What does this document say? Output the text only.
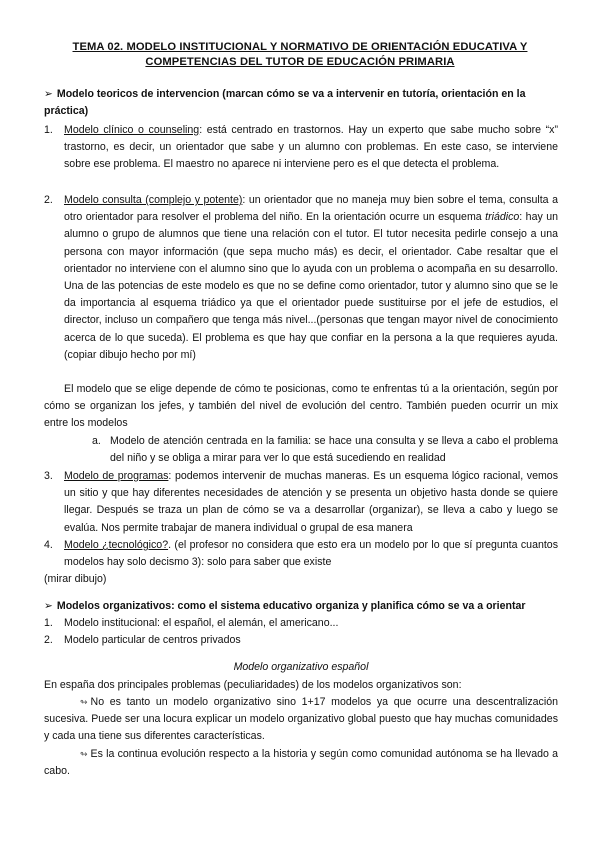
TEMA 02. MODELO INSTITUCIONAL Y NORMATIVO DE ORIENTACIÓN EDUCATIVA Y
COMPETENCIAS DEL TUTOR DE EDUCACIÓN PRIMARIA
➢ Modelo teoricos de intervencion (marcan cómo se va a intervenir en tutoría, orientación en la práctica)
1. Modelo clínico o counseling: está centrado en trastornos. Hay un experto que sabe mucho sobre “x” trastorno, es decir, un orientador que sabe y un alumno con problemas. En este caso, se interviene sobre ese problema. El maestro no aparece ni interviene pero es el que detecta el problema.
2. Modelo consulta (complejo y potente): un orientador que no maneja muy bien sobre el tema, consulta a otro orientador para resolver el problema del niño. En la orientación ocurre un esquema triádico: hay un alumno o grupo de alumnos que tiene una relación con el tutor. El tutor necesita pedirle consejo a una persona con mayor información (que sepa mucho más) es decir, el orientador. Cabe resaltar que el orientador no interviene con el alumno sino que lo ayuda con un problema o acompaña en su desarrollo. Una de las potencias de este modelo es que no se define como orientador, tutor y alumno sino que se le da importancia al esquema triádico ya que el orientador puede sustituirse por el jefe de estudios, el director, incluso un compañero que tenga más nivel...(personas que tengan mayor nivel de conocimiento acerca de lo que suceda). El problema es que hay que confiar en la persona a la que requieres ayuda. (copiar dibujo hecho por mí)
El modelo que se elige depende de cómo te posicionas, como te enfrentas tú a la orientación, según por cómo se organizan los jefes, y también del nivel de evolución del centro. También pueden ocurrir un mix entre los modelos
a. Modelo de atención centrada en la familia: se hace una consulta y se lleva a cabo el problema del niño y se obliga a mirar para ver lo que está sucediendo en realidad
3. Modelo de programas: podemos intervenir de muchas maneras. Es un esquema lógico racional, vemos un sitio y que hay diferentes necesidades de atención y se presenta un objetivo hasta donde se quiere llegar. Después se traza un plan de cómo se va a desarrollar (organizar), se lleva a cabo y luego se evalúa. Nos permite trabajar de manera individual o grupal de esa manera
4. Modelo ¿tecnológico?. (el profesor no considera que esto era un modelo por lo que sí pregunta cuantos modelos hay solo decismo 3): solo para saber que existe
(mirar dibujo)
➢ Modelos organizativos: como el sistema educativo organiza y planifica cómo se va a orientar
1. Modelo institucional: el español, el alemán, el americano...
2. Modelo particular de centros privados
Modelo organizativo español
En españa dos principales problemas (peculiaridades) de los modelos organizativos son:
↬ No es tanto un modelo organizativo sino 1+17 modelos ya que ocurre una descentralización sucesiva. Puede ser una locura explicar un modelo organizativo global puesto que hay muchas comunidades y cada una tiene sus diferentes características.
↬ Es la continua evolución respecto a la historia y según como comunidad autónoma se ha llevado a cabo.
